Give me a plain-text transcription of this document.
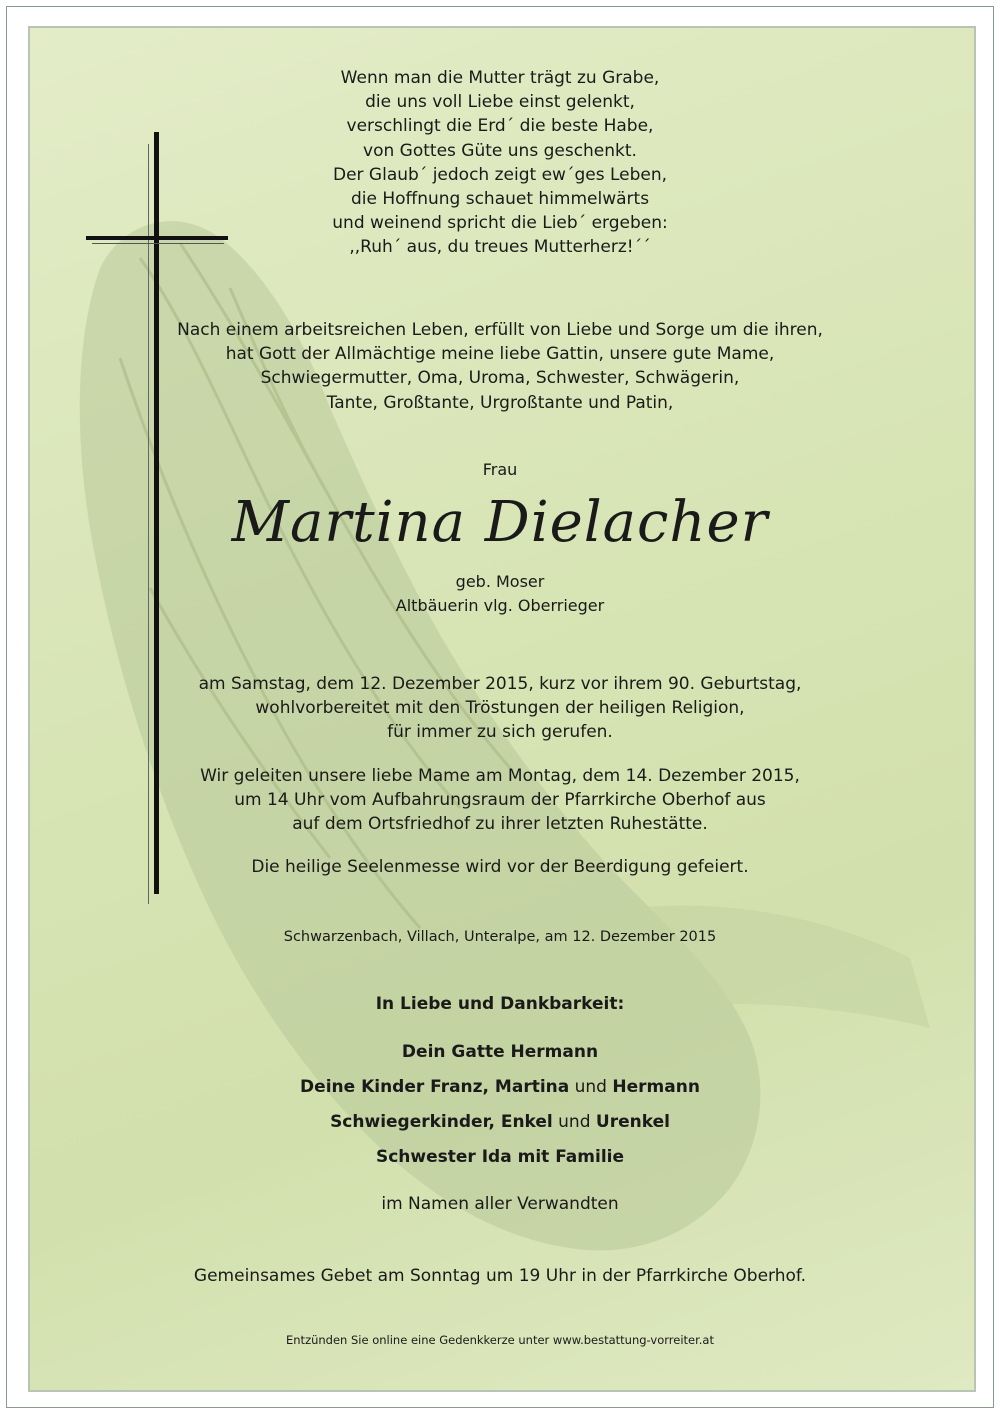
Wenn man die Mutter trägt zu Grabe,
die uns voll Liebe einst gelenkt,
verschlingt die Erd´ die beste Habe,
von Gottes Güte uns geschenkt.
Der Glaub´ jedoch zeigt ew´ges Leben,
die Hoffnung schauet himmelwärts
und weinend spricht die Lieb´ ergeben:
,,Ruh´ aus, du treues Mutterherz!´´
Nach einem arbeitsreichen Leben, erfüllt von Liebe und Sorge um die ihren,
hat Gott der Allmächtige meine liebe Gattin, unsere gute Mame,
Schwiegermutter, Oma, Uroma, Schwester, Schwägerin,
Tante, Großtante, Urgroßtante und Patin,
Frau
Martina Dielacher
geb. Moser
Altbäuerin vlg. Oberrieger
am Samstag, dem 12. Dezember 2015, kurz vor ihrem 90. Geburtstag,
wohlvorbereitet mit den Tröstungen der heiligen Religion,
für immer zu sich gerufen.
Wir geleiten unsere liebe Mame am Montag, dem 14. Dezember 2015,
um 14 Uhr vom Aufbahrungsraum der Pfarrkirche Oberhof aus
auf dem Ortsfriedhof zu ihrer letzten Ruhestätte.
Die heilige Seelenmesse wird vor der Beerdigung gefeiert.
Schwarzenbach, Villach, Unteralpe, am 12. Dezember 2015
In Liebe und Dankbarkeit:
Dein Gatte Hermann
Deine Kinder Franz, Martina und Hermann
Schwiegerkinder, Enkel und Urenkel
Schwester Ida mit Familie
im Namen aller Verwandten
Gemeinsames Gebet am Sonntag um 19 Uhr in der Pfarrkirche Oberhof.
Entzünden Sie online eine Gedenkkerze unter www.bestattung-vorreiter.at
